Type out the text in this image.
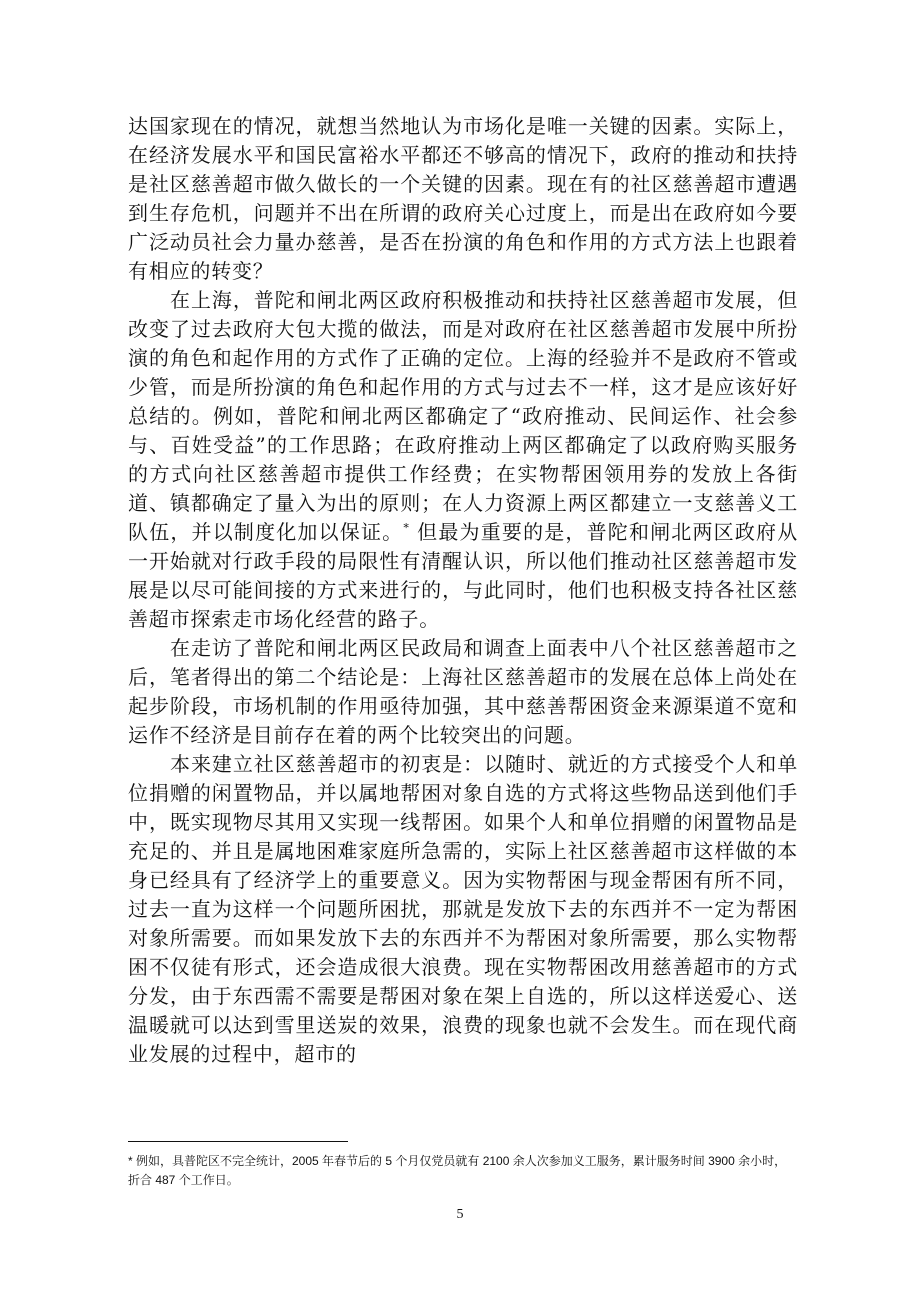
达国家现在的情况，就想当然地认为市场化是唯一关键的因素。实际上，在经济发展水平和国民富裕水平都还不够高的情况下，政府的推动和扶持是社区慈善超市做久做长的一个关键的因素。现在有的社区慈善超市遭遇到生存危机，问题并不出在所谓的政府关心过度上，而是出在政府如今要广泛动员社会力量办慈善，是否在扮演的角色和作用的方式方法上也跟着有相应的转变？

在上海，普陀和闸北两区政府积极推动和扶持社区慈善超市发展，但改变了过去政府大包大揽的做法，而是对政府在社区慈善超市发展中所扮演的角色和起作用的方式作了正确的定位。上海的经验并不是政府不管或少管，而是所扮演的角色和起作用的方式与过去不一样，这才是应该好好总结的。例如，普陀和闸北两区都确定了“政府推动、民间运作、社会参与、百姓受益”的工作思路；在政府推动上两区都确定了以政府购买服务的方式向社区慈善超市提供工作经费；在实物帮困领用券的发放上各街道、镇都确定了量入为出的原则；在人力资源上两区都建立一支慈善义工队伍，并以制度化加以保证。* 但最为重要的是，普陀和闸北两区政府从一开始就对行政手段的局限性有清醒认识，所以他们推动社区慈善超市发展是以尽可能间接的方式来进行的，与此同时，他们也积极支持各社区慈善超市探索走市场化经营的路子。

在走访了普陀和闸北两区民政局和调查上面表中八个社区慈善超市之后，笔者得出的第二个结论是：上海社区慈善超市的发展在总体上尚处在起步阶段，市场机制的作用亟待加强，其中慈善帮困资金来源渠道不宽和运作不经济是目前存在着的两个比较突出的问题。

本来建立社区慈善超市的初衷是：以随时、就近的方式接受个人和单位捐赠的闲置物品，并以属地帮困对象自选的方式将这些物品送到他们手中，既实现物尽其用又实现一线帮困。如果个人和单位捐赠的闲置物品是充足的、并且是属地困难家庭所急需的，实际上社区慈善超市这样做的本身已经具有了经济学上的重要意义。因为实物帮困与现金帮困有所不同，过去一直为这样一个问题所困扰，那就是发放下去的东西并不一定为帮困对象所需要。而如果发放下去的东西并不为帮困对象所需要，那么实物帮困不仅徒有形式，还会造成很大浪费。现在实物帮困改用慈善超市的方式分发，由于东西需不需要是帮困对象在架上自选的，所以这样送爱心、送温暖就可以达到雪里送炭的效果，浪费的现象也就不会发生。而在现代商业发展的过程中，超市的

* 例如，具普陀区不完全统计，2005 年春节后的 5 个月仅党员就有 2100 余人次参加义工服务，累计服务时间 3900 余小时，折合 487 个工作日。
5
